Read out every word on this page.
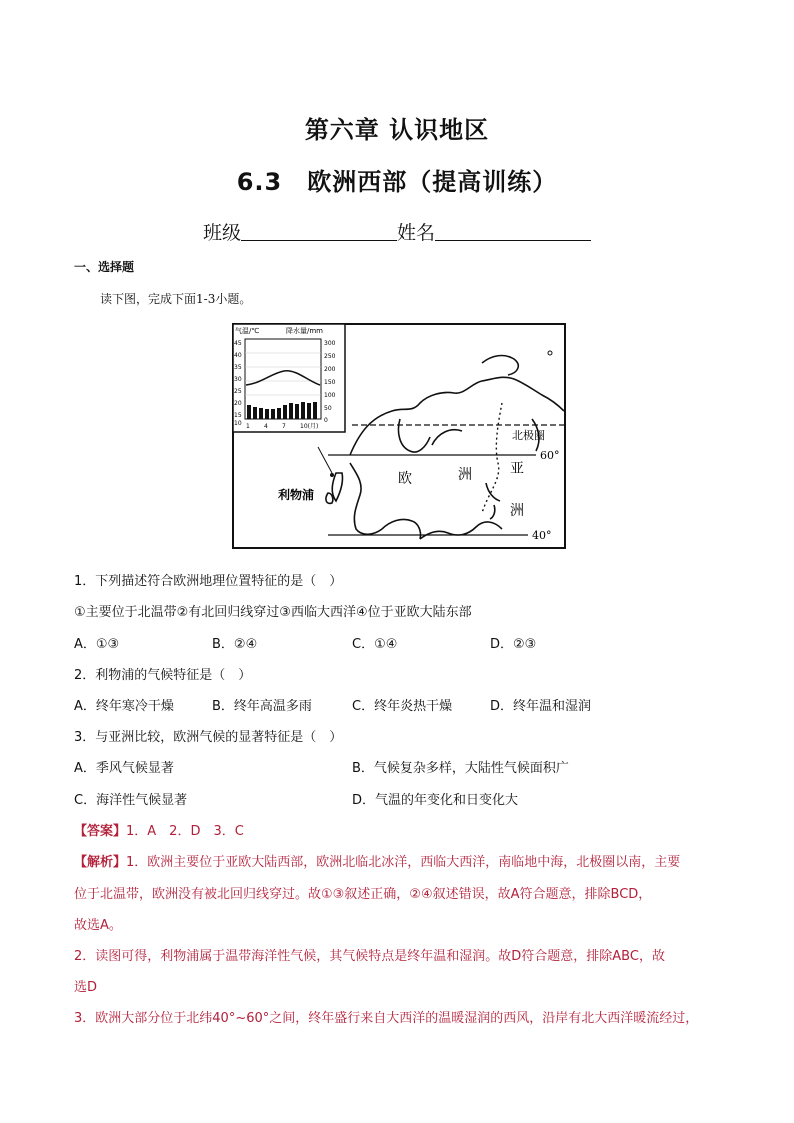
第六章 认识地区
6.3　欧洲西部（提高训练）
班级	姓名
一、选择题
读下图，完成下面1-3小题。
气温/℃	降水量/mm
45
40
35
30
25
20
15
10
300
250
200
150
100
50
0
1 4 7 10(月)
北极圈
60°
40°
利物浦
欧	洲	亚
洲
1．下列描述符合欧洲地理位置特征的是（　）
①主要位于北温带②有北回归线穿过③西临大西洋④位于亚欧大陆东部
A．①③	B．②④	C．①④	D．②③
2．利物浦的气候特征是（　）
A．终年寒冷干燥	B．终年高温多雨	C．终年炎热干燥	D．终年温和湿润
3．与亚洲比较，欧洲气候的显著特征是（　）
A．季风气候显著	B．气候复杂多样，大陆性气候面积广
C．海洋性气候显著	D．气温的年变化和日变化大
【答案】1．A　2．D　3．C
【解析】1．欧洲主要位于亚欧大陆西部，欧洲北临北冰洋，西临大西洋，南临地中海，北极圈以南，主要
位于北温带，欧洲没有被北回归线穿过。故①③叙述正确，②④叙述错误，故A符合题意，排除BCD，
故选A。
2．读图可得，利物浦属于温带海洋性气候，其气候特点是终年温和湿润。故D符合题意，排除ABC，故
选D
3．欧洲大部分位于北纬40°~60°之间，终年盛行来自大西洋的温暖湿润的西风，沿岸有北大西洋暖流经过，
